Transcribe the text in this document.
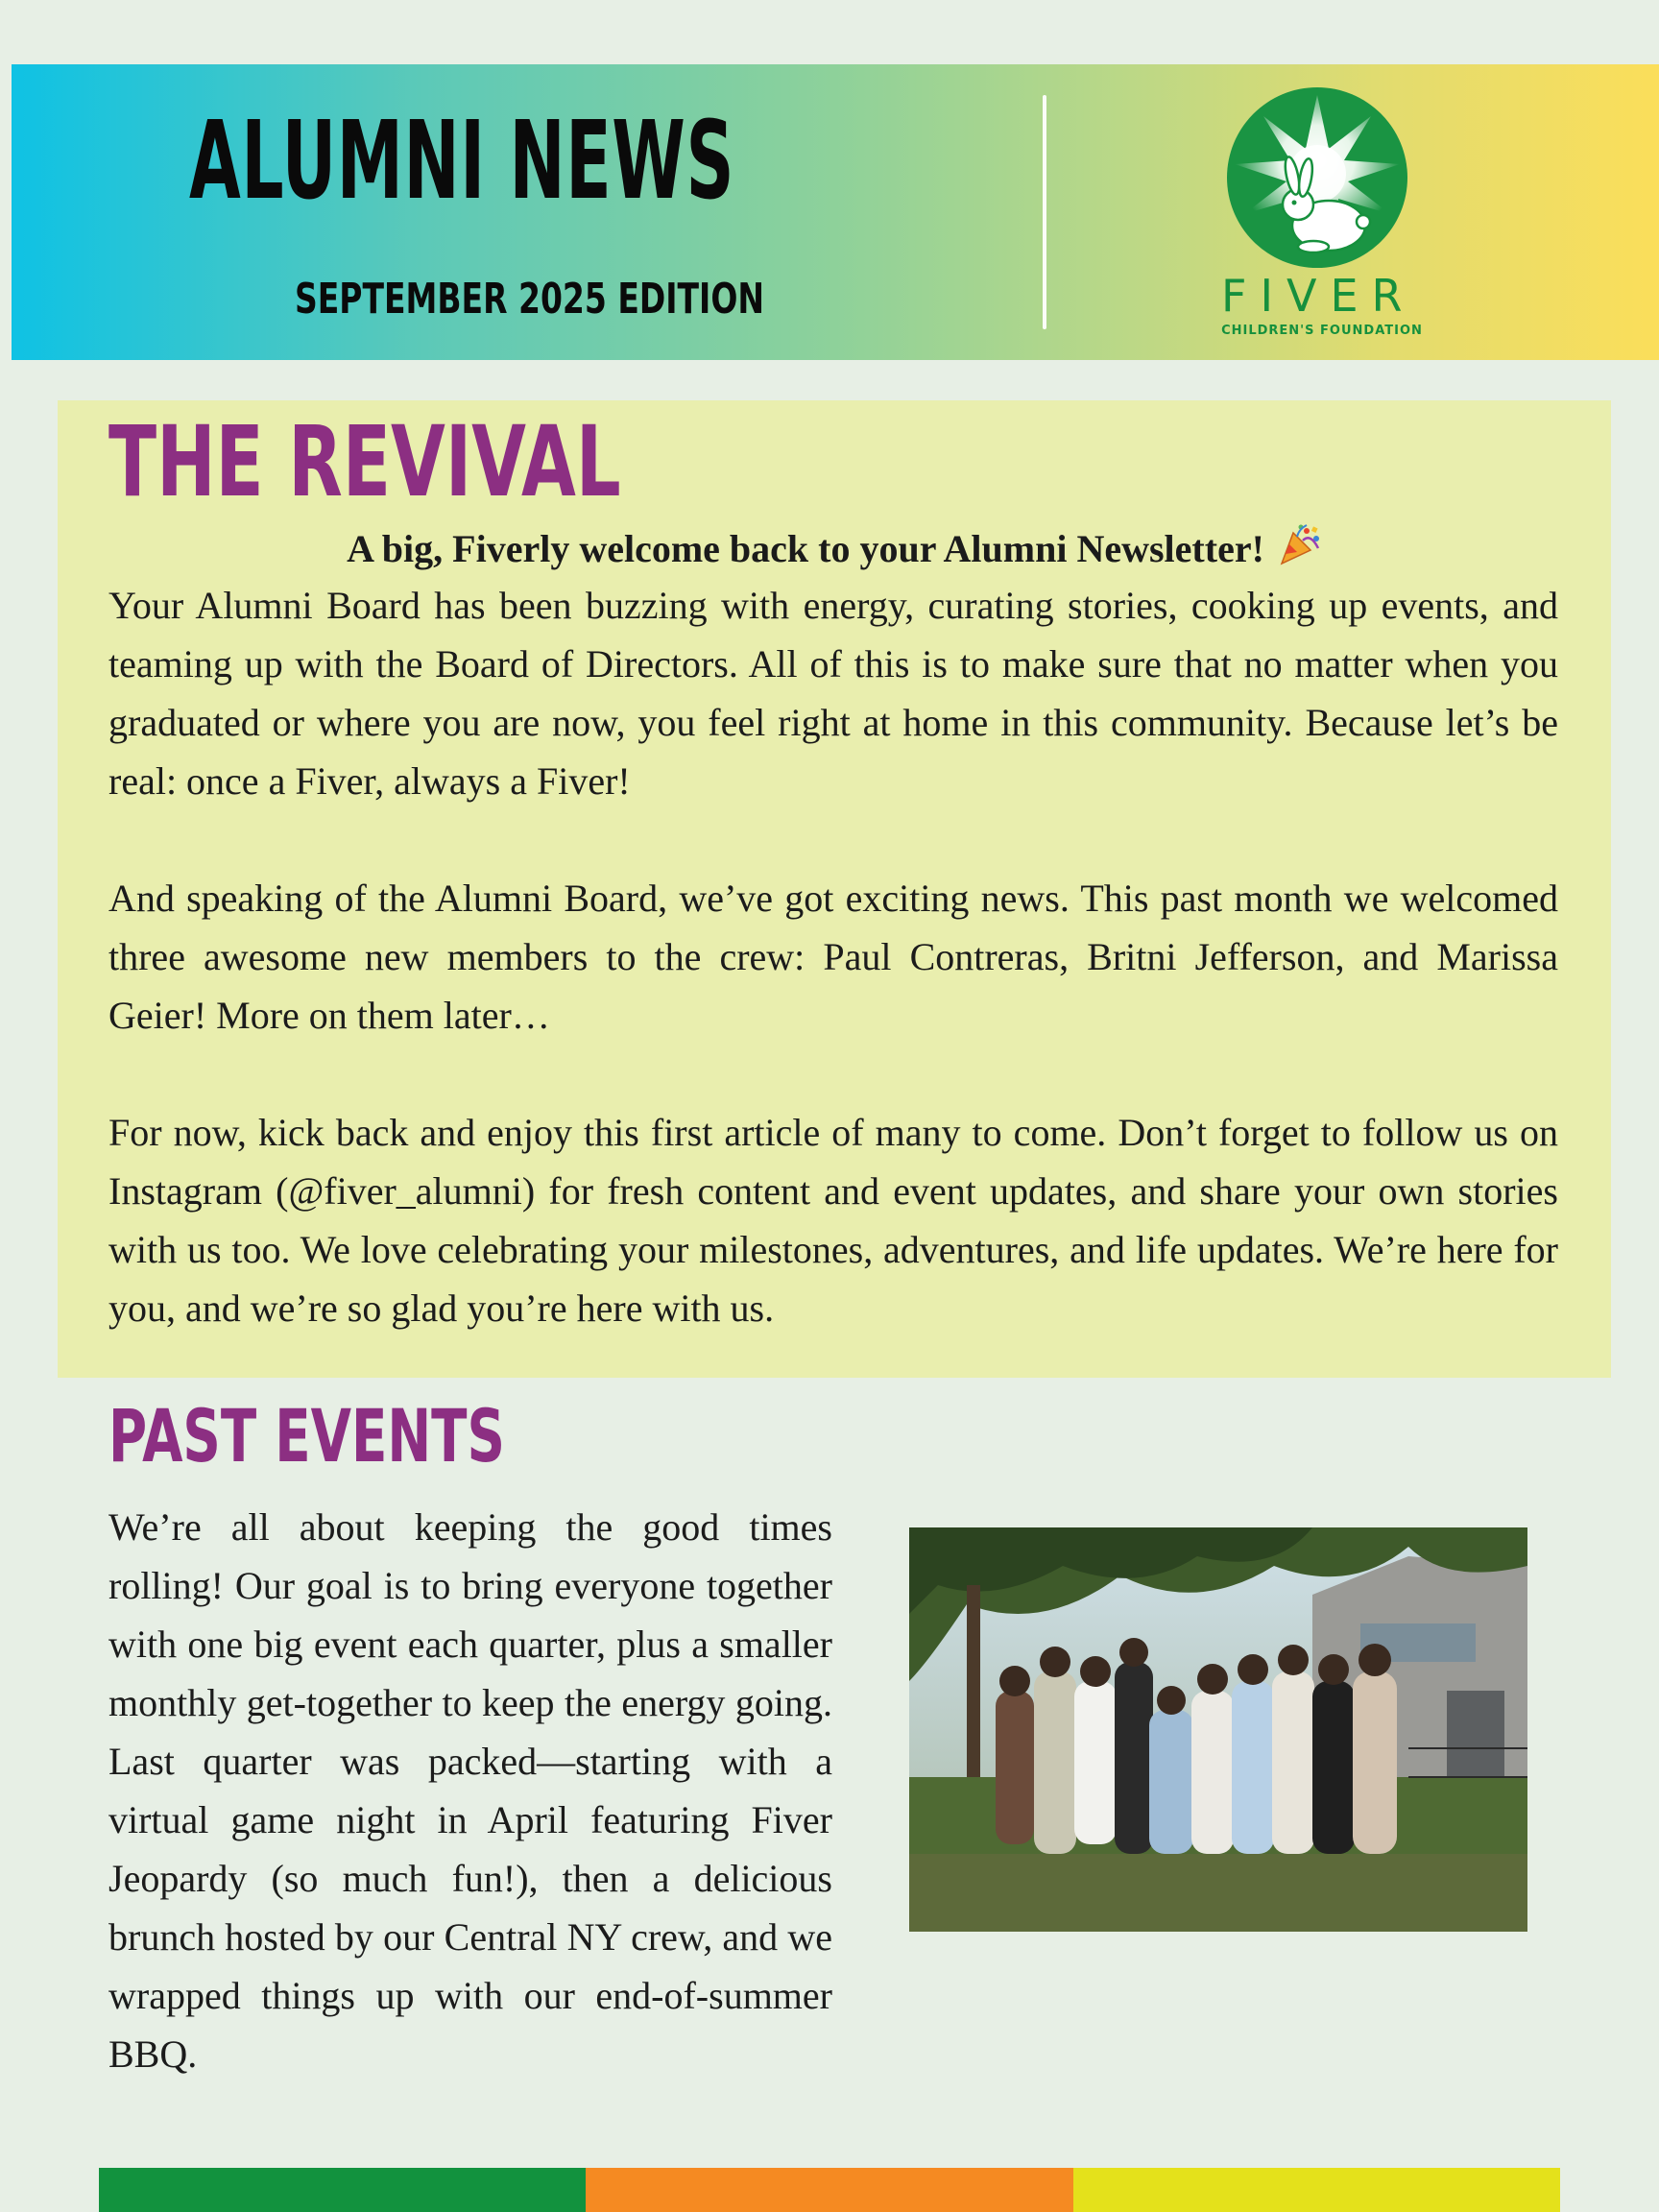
ALUMNI NEWS
SEPTEMBER 2025 EDITION	FIVER
CHILDREN'S FOUNDATION
THE REVIVAL
A big, Fiverly welcome back to your Alumni Newsletter!

Your Alumni Board has been buzzing with energy, curating stories, cooking up events, and teaming up with the Board of Directors. All of this is to make sure that no matter when you graduated or where you are now, you feel right at home in this community. Because let’s be real: once a Fiver, always a Fiver!

And speaking of the Alumni Board, we’ve got exciting news. This past month we welcomed three awesome new members to the crew: Paul Contreras, Britni Jefferson, and Marissa Geier! More on them later…

For now, kick back and enjoy this first article of many to come. Don’t forget to follow us on Instagram (@fiver_alumni) for fresh content and event updates, and share your own stories with us too. We love celebrating your milestones, adventures, and life updates. We’re here for you, and we’re so glad you’re here with us.

PAST EVENTS

We’re all about keeping the good times rolling! Our goal is to bring everyone together with one big event each quarter, plus a smaller monthly get-together to keep the energy going. Last quarter was packed—starting with a virtual game night in April featuring Fiver Jeopardy (so much fun!), then a delicious brunch hosted by our Central NY crew, and we wrapped things up with our end-of-summer BBQ.
